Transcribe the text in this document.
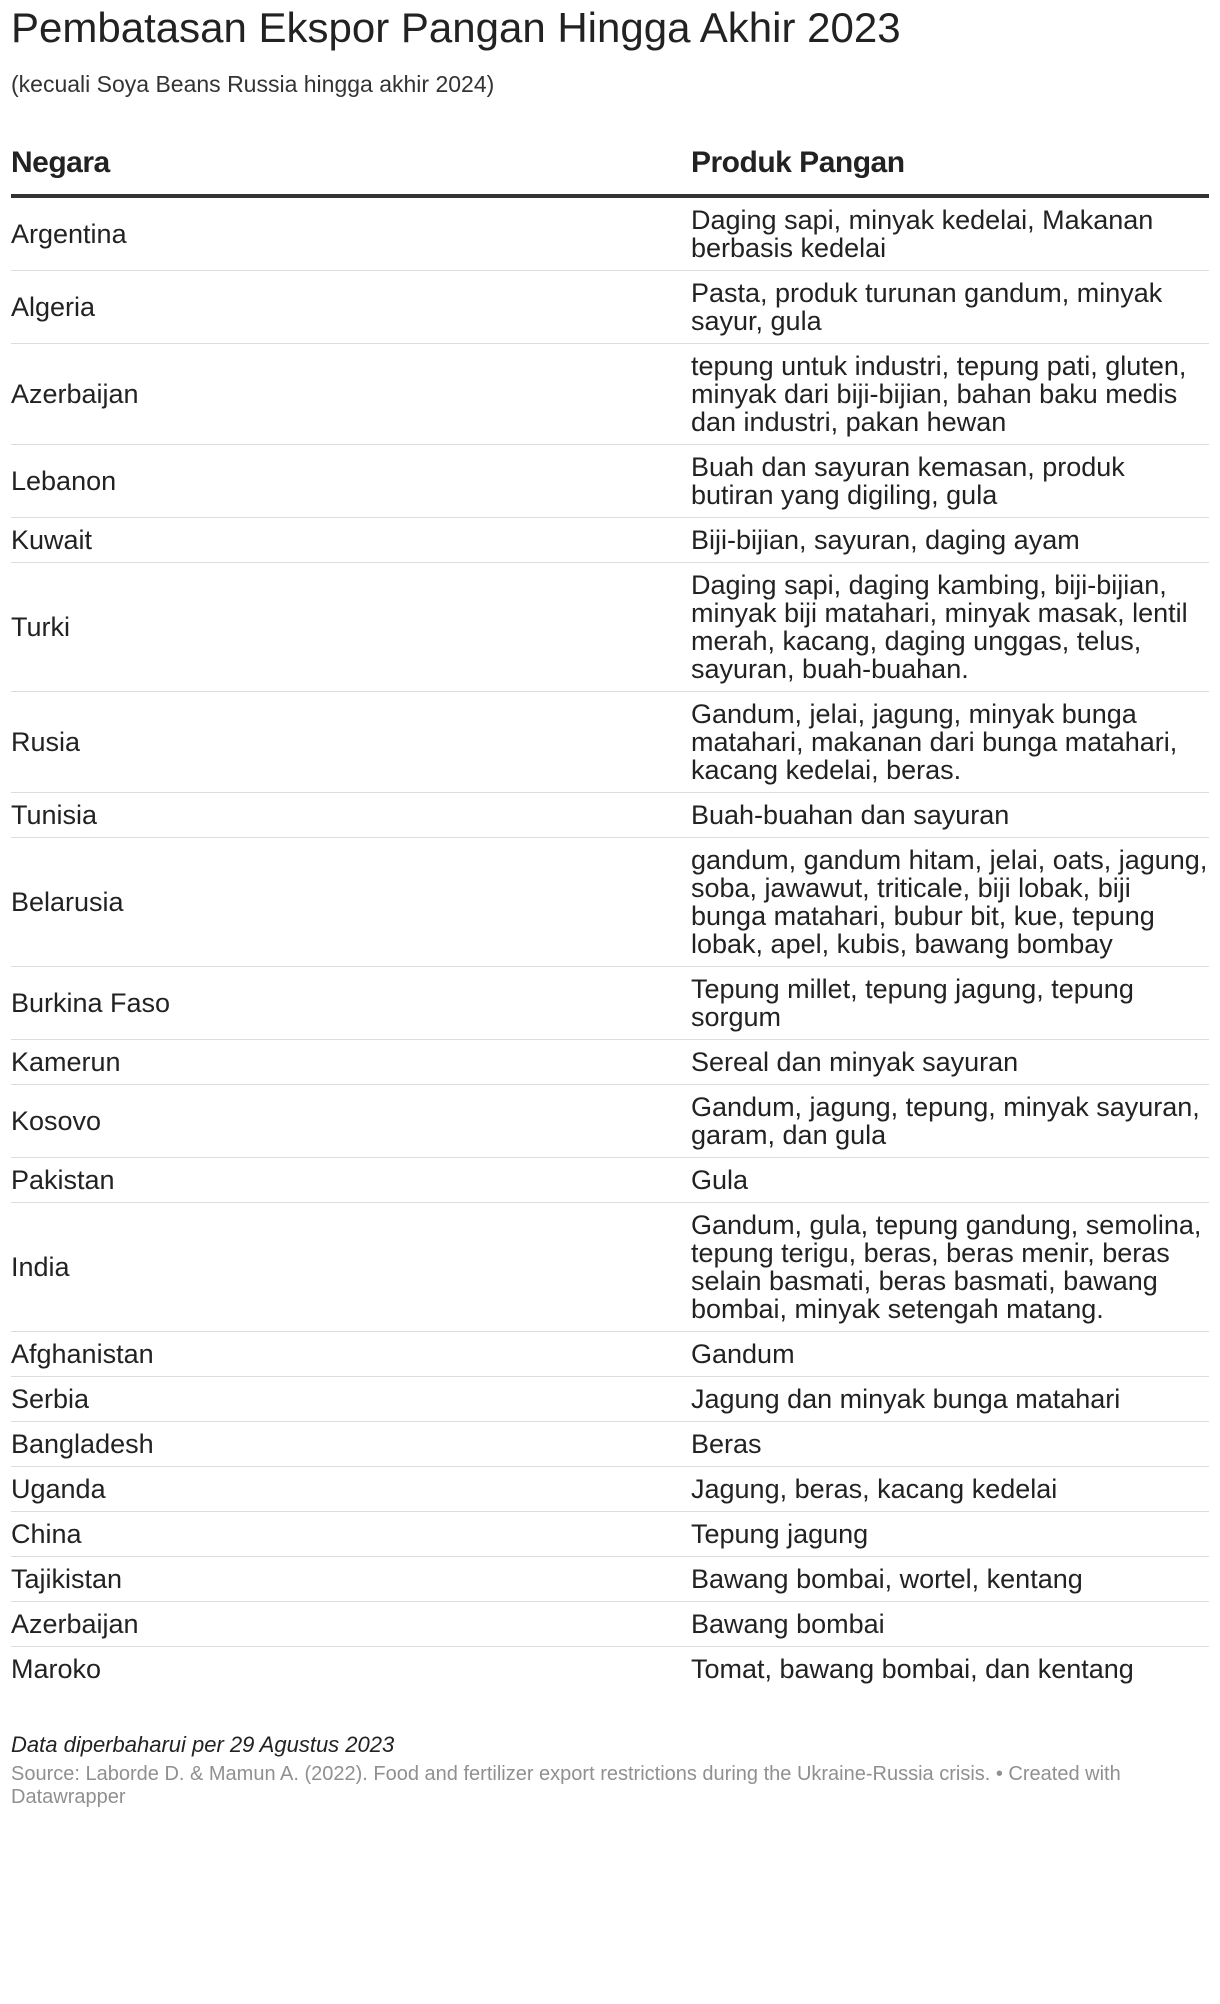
Pembatasan Ekspor Pangan Hingga Akhir 2023
(kecuali Soya Beans Russia hingga akhir 2024)
Negara	Produk Pangan
Argentina	Daging sapi, minyak kedelai, Makanan berbasis kedelai
Algeria	Pasta, produk turunan gandum, minyak sayur, gula
Azerbaijan	tepung untuk industri, tepung pati, gluten, minyak dari biji-bijian, bahan baku medis dan industri, pakan hewan
Lebanon	Buah dan sayuran kemasan, produk butiran yang digiling, gula
Kuwait	Biji-bijian, sayuran, daging ayam
Turki	Daging sapi, daging kambing, biji-bijian, minyak biji matahari, minyak masak, lentil merah, kacang, daging unggas, telus, sayuran, buah-buahan.
Rusia	Gandum, jelai, jagung, minyak bunga matahari, makanan dari bunga matahari, kacang kedelai, beras.
Tunisia	Buah-buahan dan sayuran
Belarusia	gandum, gandum hitam, jelai, oats, jagung, soba, jawawut, triticale, biji lobak, biji bunga matahari, bubur bit, kue, tepung lobak, apel, kubis, bawang bombay
Burkina Faso	Tepung millet, tepung jagung, tepung sorgum
Kamerun	Sereal dan minyak sayuran
Kosovo	Gandum, jagung, tepung, minyak sayuran, garam, dan gula
Pakistan	Gula
India	Gandum, gula, tepung gandung, semolina, tepung terigu, beras, beras menir, beras selain basmati, beras basmati, bawang bombai, minyak setengah matang.
Afghanistan	Gandum
Serbia	Jagung dan minyak bunga matahari
Bangladesh	Beras
Uganda	Jagung, beras, kacang kedelai
China	Tepung jagung
Tajikistan	Bawang bombai, wortel, kentang
Azerbaijan	Bawang bombai
Maroko	Tomat, bawang bombai, dan kentang
Data diperbaharui per 29 Agustus 2023
Source: Laborde D. & Mamun A. (2022). Food and fertilizer export restrictions during the Ukraine-Russia crisis. • Created with Datawrapper
